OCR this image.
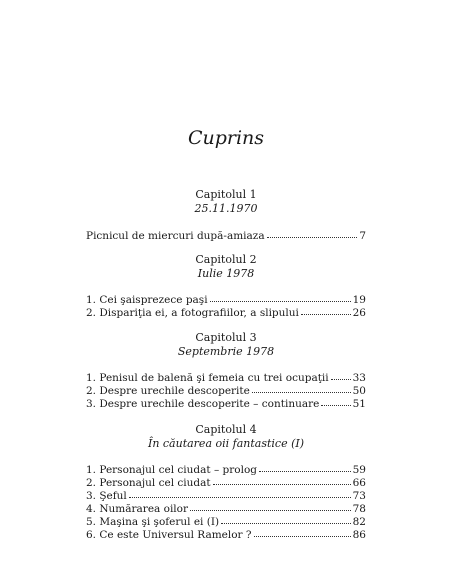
Cuprins
Capitolul 1
25.11.1970
Picnicul de miercuri după-amiaza	7
Capitolul 2
Iulie 1978
1. Cei şaisprezece paşi	19
2. Dispariţia ei, a fotografiilor, a slipului	26
Capitolul 3
Septembrie 1978
1. Penisul de balenă şi femeia cu trei ocupaţii 33
2. Despre urechile descoperite	50
3. Despre urechile descoperite – continuare	51
Capitolul 4
În căutarea oii fantastice (I)
1. Personajul cel ciudat – prolog	59
2. Personajul cel ciudat	66
3. Şeful	73
4. Numărarea oilor	78
5. Maşina şi şoferul ei (I)	82
6. Ce este Universul Ramelor ?	86
